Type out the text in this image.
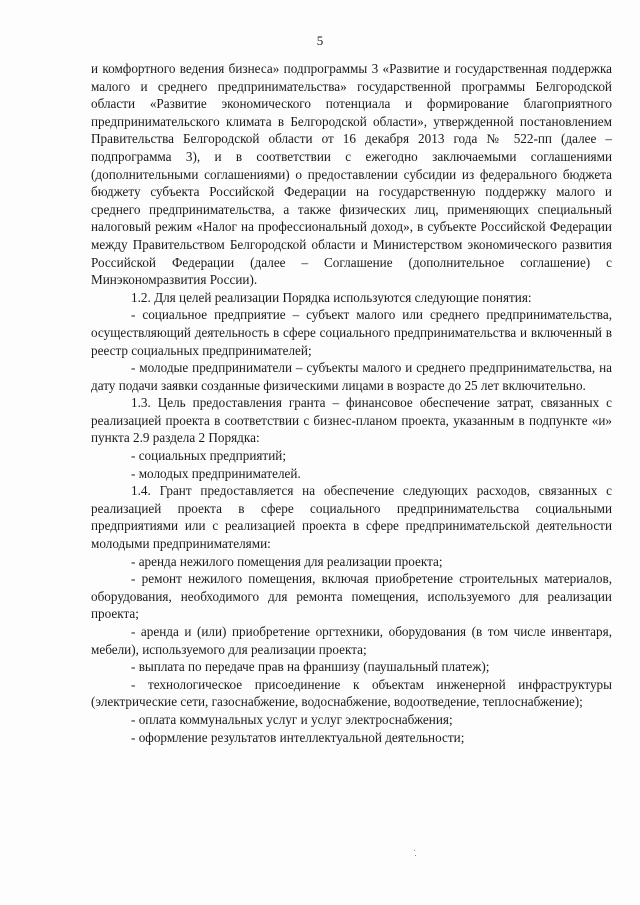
5

и комфортного ведения бизнеса» подпрограммы 3 «Развитие и государственная поддержка малого и среднего предпринимательства» государственной программы Белгородской области «Развитие экономического потенциала и формирование благоприятного предпринимательского климата в Белгородской области», утвержденной постановлением Правительства Белгородской области от 16 декабря 2013 года № 522-пп (далее – подпрограмма 3), и в соответствии с ежегодно заключаемыми соглашениями (дополнительными соглашениями) о предоставлении субсидии из федерального бюджета бюджету субъекта Российской Федерации на государственную поддержку малого и среднего предпринимательства, а также физических лиц, применяющих специальный налоговый режим «Налог на профессиональный доход», в субъекте Российской Федерации между Правительством Белгородской области и Министерством экономического развития Российской Федерации (далее – Соглашение (дополнительное соглашение) с Минэкономразвития России).

1.2. Для целей реализации Порядка используются следующие понятия:

- социальное предприятие – субъект малого или среднего предпринимательства, осуществляющий деятельность в сфере социального предпринимательства и включенный в реестр социальных предпринимателей;

- молодые предприниматели – субъекты малого и среднего предпринимательства, на дату подачи заявки созданные физическими лицами в возрасте до 25 лет включительно.

1.3. Цель предоставления гранта – финансовое обеспечение затрат, связанных с реализацией проекта в соответствии с бизнес-планом проекта, указанным в подпункте «и» пункта 2.9 раздела 2 Порядка:

- социальных предприятий;

- молодых предпринимателей.

1.4. Грант предоставляется на обеспечение следующих расходов, связанных с реализацией проекта в сфере социального предпринимательства социальными предприятиями или с реализацией проекта в сфере предпринимательской деятельности молодыми предпринимателями:

- аренда нежилого помещения для реализации проекта;

- ремонт нежилого помещения, включая приобретение строительных материалов, оборудования, необходимого для ремонта помещения, используемого для реализации проекта;

- аренда и (или) приобретение оргтехники, оборудования (в том числе инвентаря, мебели), используемого для реализации проекта;

- выплата по передаче прав на франшизу (паушальный платеж);

- технологическое присоединение к объектам инженерной инфраструктуры (электрические сети, газоснабжение, водоснабжение, водоотведение, теплоснабжение);

- оплата коммунальных услуг и услуг электроснабжения;

- оформление результатов интеллектуальной деятельности;
